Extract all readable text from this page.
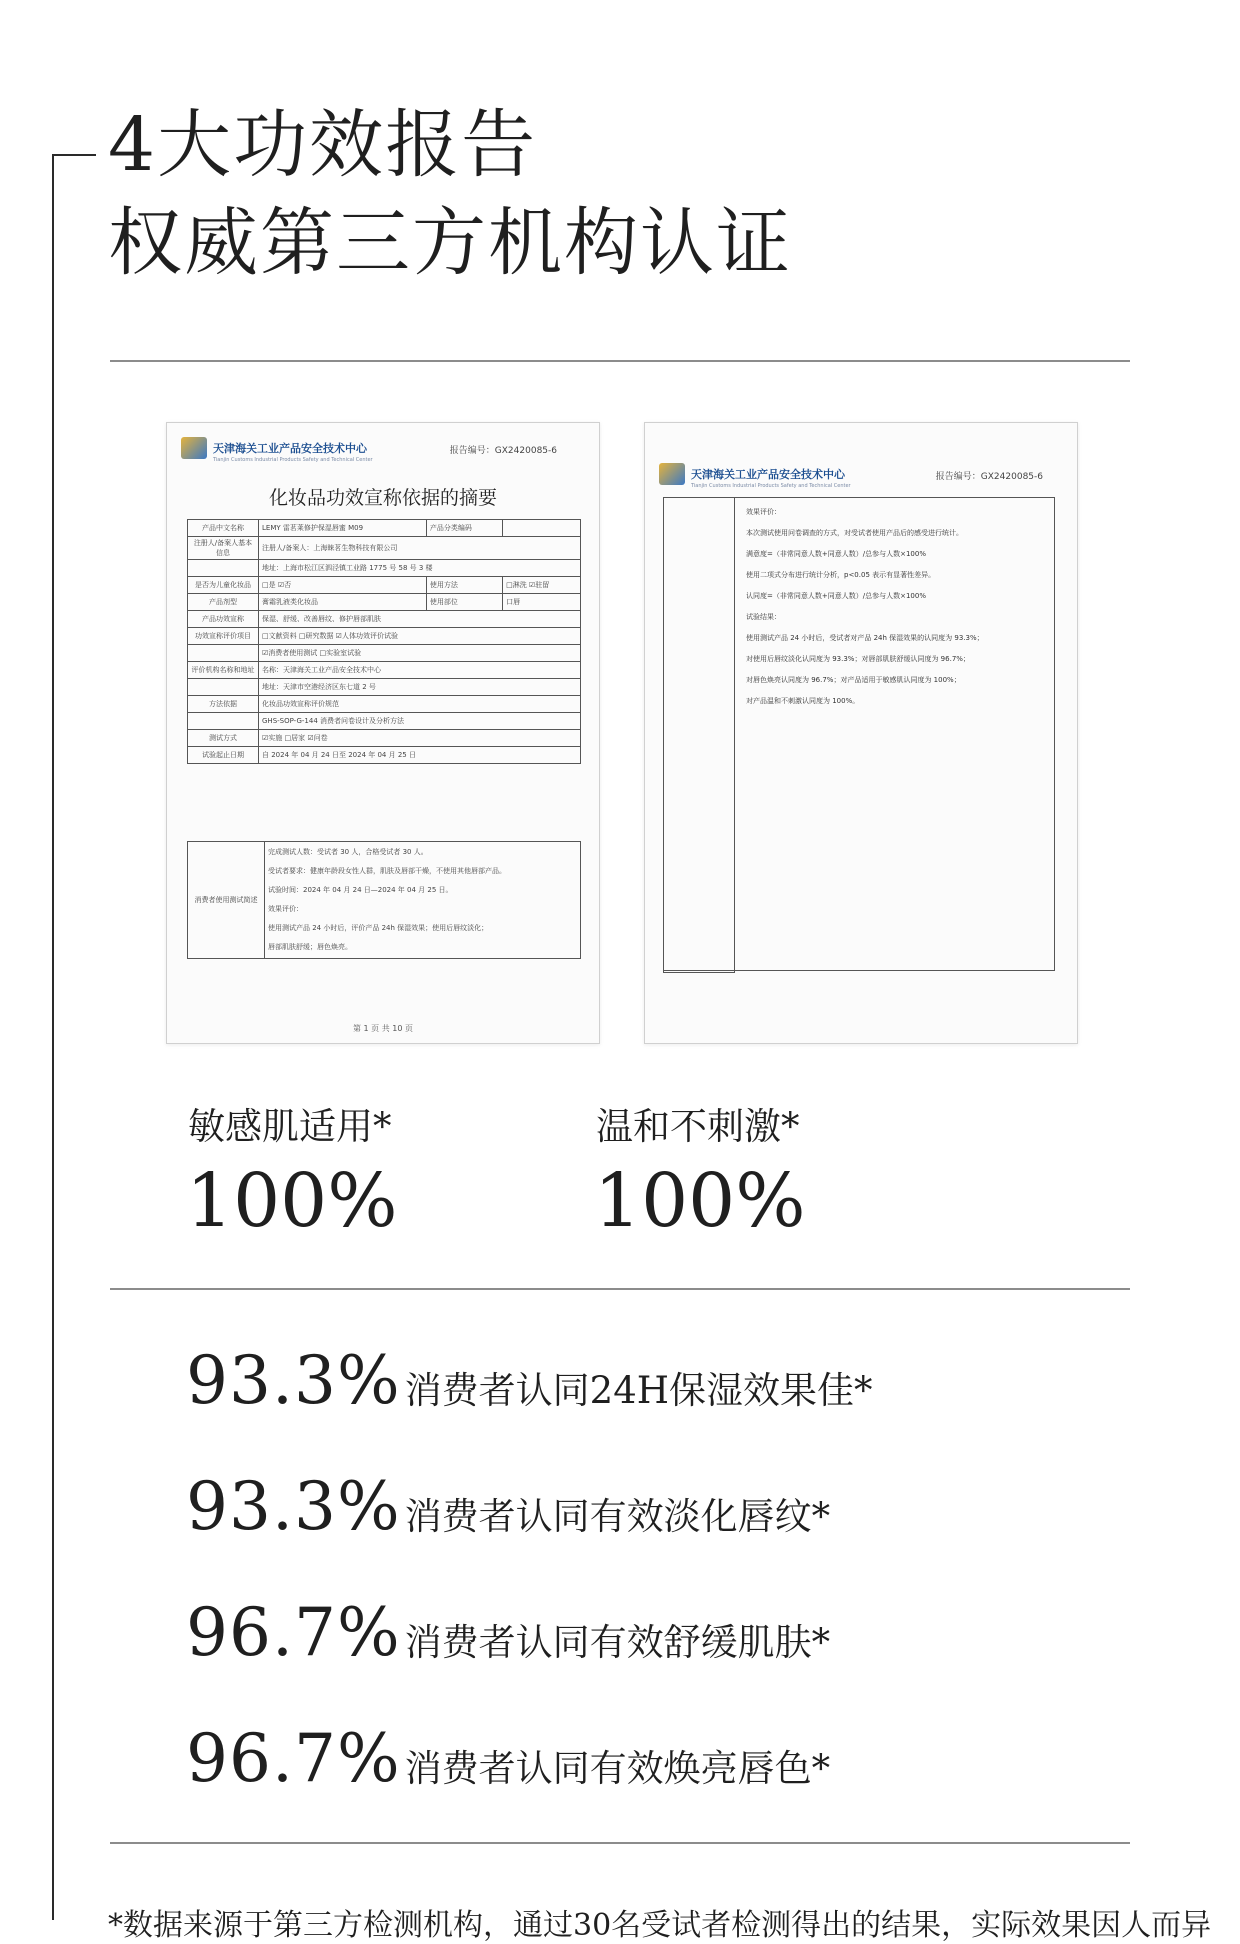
4大功效报告
权威第三方机构认证
天津海关工业产品安全技术中心
Tianjin Customs Industrial Products Safety and Technical Center
报告编号：GX2420085-6
化妆品功效宣称依据的摘要
产品中文名称	LEMY 雷茗莱修护保湿唇蜜 M09	产品分类编码	
注册人/备案人基本信息	注册人/备案人：上海睐茗生物科技有限公司		
	地址：上海市松江区泗泾镇工业路 1775 号 58 号 3 楼		
是否为儿童化妆品	□是 ☑否	使用方法	□淋洗 ☑驻留
产品剂型	膏霜乳液类化妆品	使用部位	口唇
产品功效宣称	保湿、舒缓、改善唇纹、修护唇部肌肤		
功效宣称评价项目	□文献资料 □研究数据 ☑人体功效评价试验		
	☑消费者使用测试 □实验室试验		
评价机构名称和地址	名称：天津海关工业产品安全技术中心		
	地址：天津市空港经济区东七道 2 号		
方法依据	化妆品功效宣称评价规范		
	GHS-SOP-G-144 消费者问卷设计及分析方法		
测试方式	☑实施 □居家 ☑问卷		
试验起止日期	自 2024 年 04 月 24 日至 2024 年 04 月 25 日		
消费者使用测试简述	
完成测试人数：受试者 30 人，合格受试者 30 人。
受试者要求：健康年龄段女性人群，肌肤及唇部干燥，不使用其他唇部产品。
试验时间：2024 年 04 月 24 日—2024 年 04 月 25 日。
效果评价：
使用测试产品 24 小时后，评价产品 24h 保湿效果；使用后唇纹淡化；
唇部肌肤舒缓；唇色焕亮。
第 1 页 共 10 页
天津海关工业产品安全技术中心
Tianjin Customs Industrial Products Safety and Technical Center
报告编号：GX2420085-6
效果评价：
本次测试使用问卷调查的方式，对受试者使用产品后的感受进行统计。
满意度=（非常同意人数+同意人数）/总参与人数×100%
使用二项式分布进行统计分析，p<0.05 表示有显著性差异。
认同度=（非常同意人数+同意人数）/总参与人数×100%
试验结果：
使用测试产品 24 小时后，受试者对产品 24h 保湿效果的认同度为 93.3%；
对使用后唇纹淡化认同度为 93.3%；对唇部肌肤舒缓认同度为 96.7%；
对唇色焕亮认同度为 96.7%；对产品适用于敏感肌认同度为 100%；
对产品温和不刺激认同度为 100%。
敏感肌适用*
100%
温和不刺激*
100%
93.3% 消费者认同24H保湿效果佳*
93.3% 消费者认同有效淡化唇纹*
96.7% 消费者认同有效舒缓肌肤*
96.7% 消费者认同有效焕亮唇色*
*数据来源于第三方检测机构，通过30名受试者检测得出的结果，实际效果因人而异
